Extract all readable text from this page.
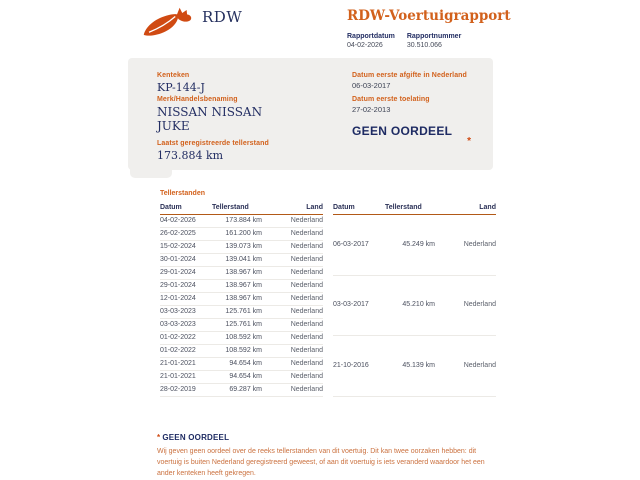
RDW	RDW-Voertuigrapport
Rapportdatum
04-02-2026
Rapportnummer
30.510.066
Kenteken
KP-144-J
Merk/Handelsbenaming
NISSAN NISSAN JUKE
Laatst geregistreerde tellerstand
173.884 km
Datum eerste afgifte in Nederland
06-03-2017
Datum eerste toelating
27-02-2013
GEEN OORDEEL
*
Tellerstanden
Datum	Tellerstand	Land
04-02-2026	173.884 km	Nederland
26-02-2025	161.200 km	Nederland
15-02-2024	139.073 km	Nederland
30-01-2024	139.041 km	Nederland
29-01-2024	138.967 km	Nederland
29-01-2024	138.967 km	Nederland
12-01-2024	138.967 km	Nederland
03-03-2023	125.761 km	Nederland
03-03-2023	125.761 km	Nederland
01-02-2022	108.592 km	Nederland
01-02-2022	108.592 km	Nederland
21-01-2021	94.654 km	Nederland
21-01-2021	94.654 km	Nederland
28-02-2019	69.287 km	Nederland
Datum	Tellerstand	Land
06-03-2017	45.249 km	Nederland
03-03-2017	45.210 km	Nederland
21-10-2016	45.139 km	Nederland
* GEEN OORDEEL
Wij geven geen oordeel over de reeks tellerstanden van dit voertuig. Dit kan twee oorzaken hebben: dit voertuig is buiten Nederland geregistreerd geweest, of aan dit voertuig is iets veranderd waardoor het een ander kenteken heeft gekregen.
